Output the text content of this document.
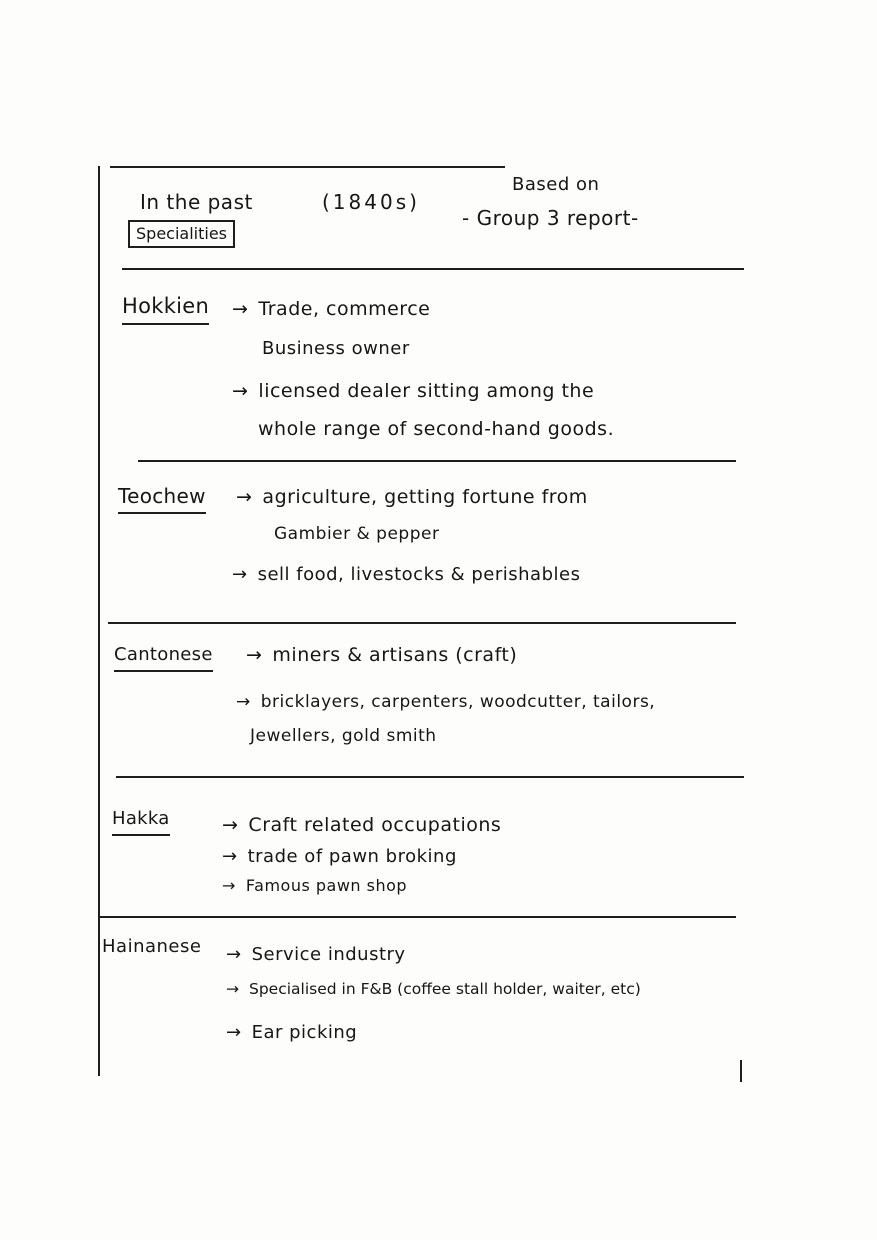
In the past	(1840s)
Specialities
Based on
- Group 3 report-
Hokkien → Trade, commerce
Business owner
→ licensed dealer sitting among the
whole range of second-hand goods.
Teochew → agriculture, getting fortune from
Gambier & pepper
→ sell food, livestocks & perishables
Cantonese → miners & artisans (craft)
→ bricklayers, carpenters, woodcutter, tailors,
Jewellers, gold smith
Hakka	→ Craft related occupations
→ trade of pawn broking
→ Famous pawn shop
Hainanese → Service industry
→ Specialised in F&B (coffee stall holder, waiter, etc)
→ Ear picking
